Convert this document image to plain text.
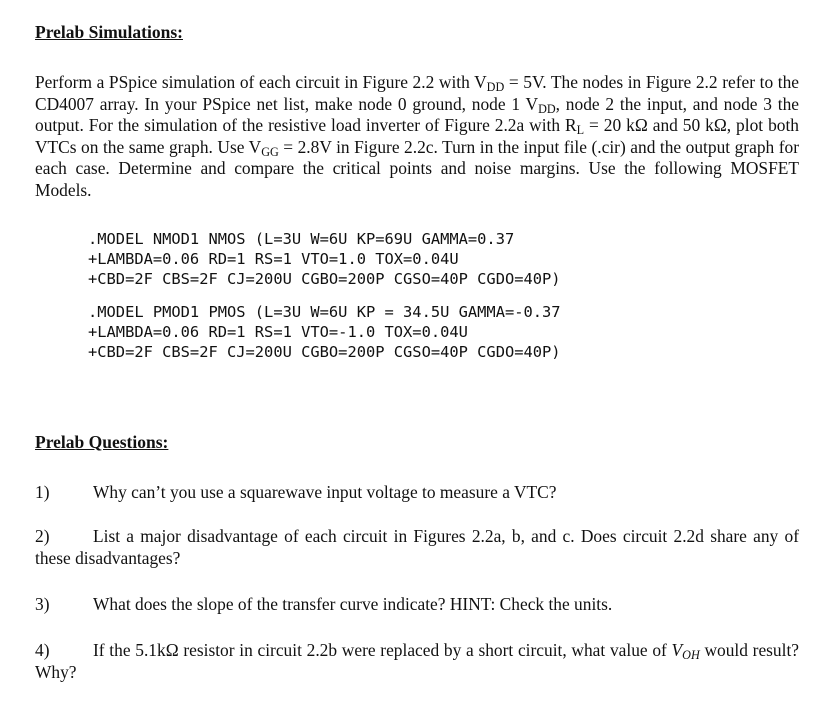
Prelab Simulations:
Perform a PSpice simulation of each circuit in Figure 2.2 with $V_{DD} = 5V$. The nodes in Figure 2.2 refer to the CD4007 array. In your PSpice net list, make node 0 ground, node 1 $V_{DD}$, node 2 the input, and node 3 the output. For the simulation of the resistive load inverter of Figure 2.2a with $R_L = 20$ kΩ and 50 kΩ, plot both VTCs on the same graph. Use $V_{GG} = 2.8V$ in Figure 2.2c. Turn in the input file (.cir) and the output graph for each case. Determine and compare the critical points and noise margins. Use the following MOSFET Models.
.MODEL NMOD1 NMOS (L=3U W=6U KP=69U GAMMA=0.37
+LAMBDA=0.06 RD=1 RS=1 VTO=1.0 TOX=0.04U
+CBD=2F CBS=2F CJ=200U CGBO=200P CGSO=40P CGDO=40P)
.MODEL PMOD1 PMOS (L=3U W=6U KP = 34.5U GAMMA=-0.37
+LAMBDA=0.06 RD=1 RS=1 VTO=-1.0 TOX=0.04U
+CBD=2F CBS=2F CJ=200U CGBO=200P CGSO=40P CGDO=40P)
Prelab Questions:
1)	Why can’t you use a squarewave input voltage to measure a VTC?
2)	List a major disadvantage of each circuit in Figures 2.2a, b, and c. Does circuit 2.2d share any of these disadvantages?
3)	What does the slope of the transfer curve indicate? HINT: Check the units.
4)	If the 5.1kΩ resistor in circuit 2.2b were replaced by a short circuit, what value of $V_{OH}$ would result? Why?
